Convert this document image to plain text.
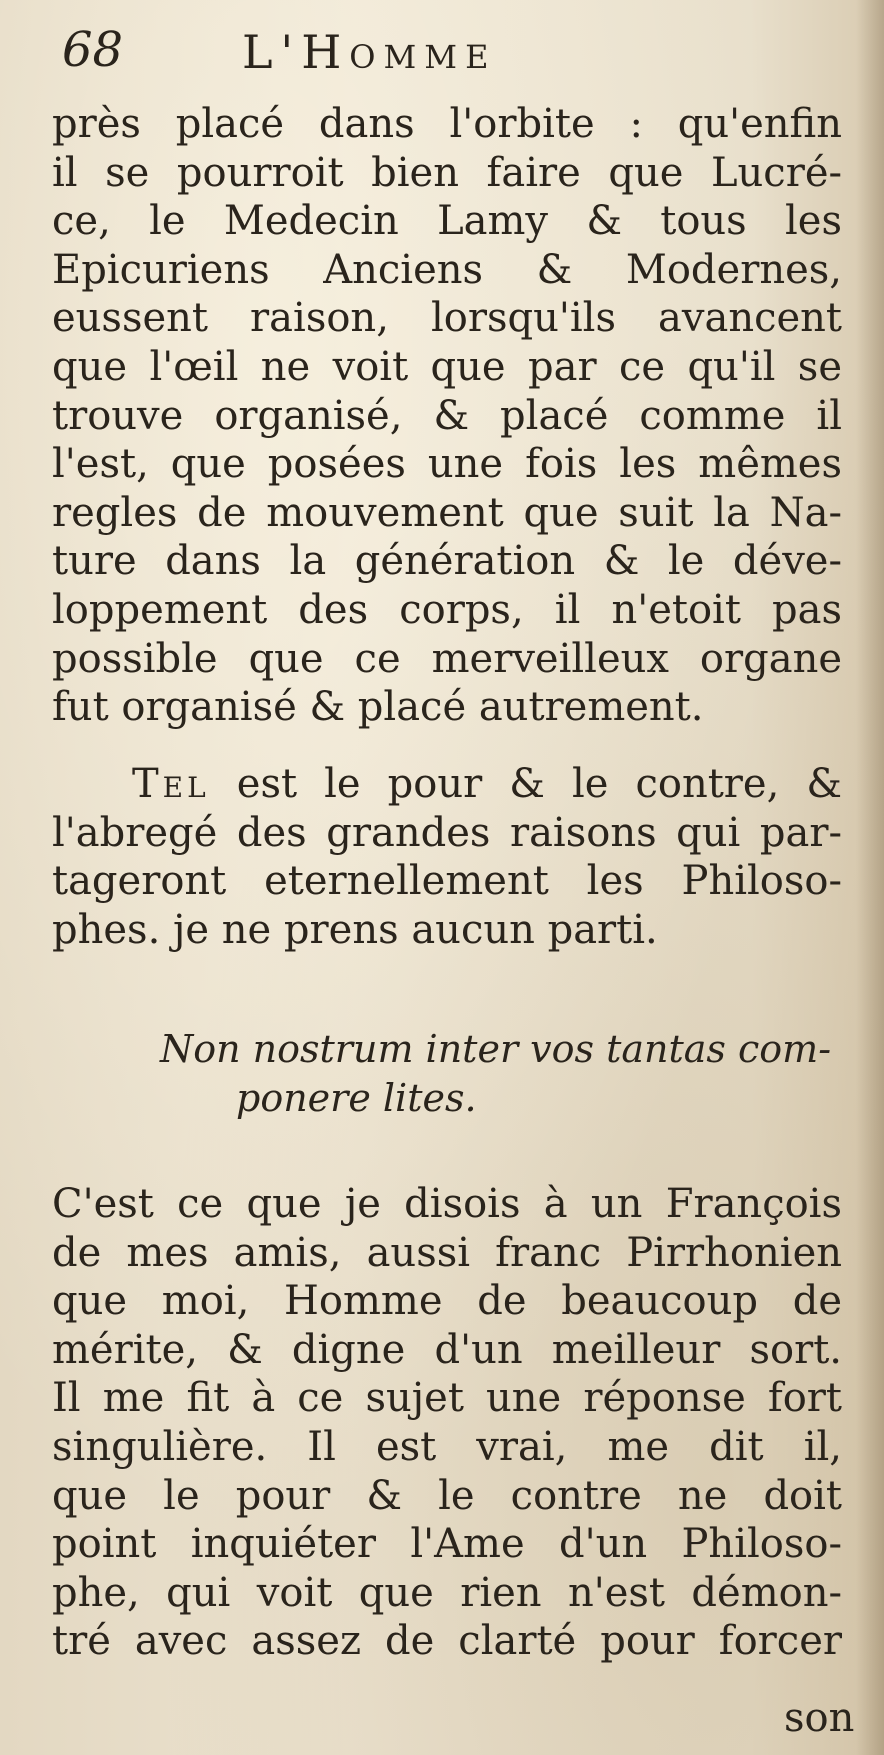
68	L'Homme
près placé dans l'orbite : qu'enfin
il se pourroit bien faire que Lucré-
ce, le Medecin Lamy & tous les
Epicuriens Anciens & Modernes,
eussent raison, lorsqu'ils avancent
que l'œil ne voit que par ce qu'il se
trouve organisé, & placé comme il
l'est, que posées une fois les mêmes
regles de mouvement que suit la Na-
ture dans la génération & le déve-
loppement des corps, il n'etoit pas
possible que ce merveilleux organe
fut organisé & placé autrement.
Tel est le pour & le contre, &
l'abregé des grandes raisons qui par-
tageront eternellement les Philoso-
phes. je ne prens aucun parti.
Non nostrum inter vos tantas com-
ponere lites.
C'est ce que je disois à un François
de mes amis, aussi franc Pirrhonien
que moi, Homme de beaucoup de
mérite, & digne d'un meilleur sort.
Il me fit à ce sujet une réponse fort
singulière. Il est vrai, me dit il,
que le pour & le contre ne doit
point inquiéter l'Ame d'un Philoso-
phe, qui voit que rien n'est démon-
tré avec assez de clarté pour forcer
son
